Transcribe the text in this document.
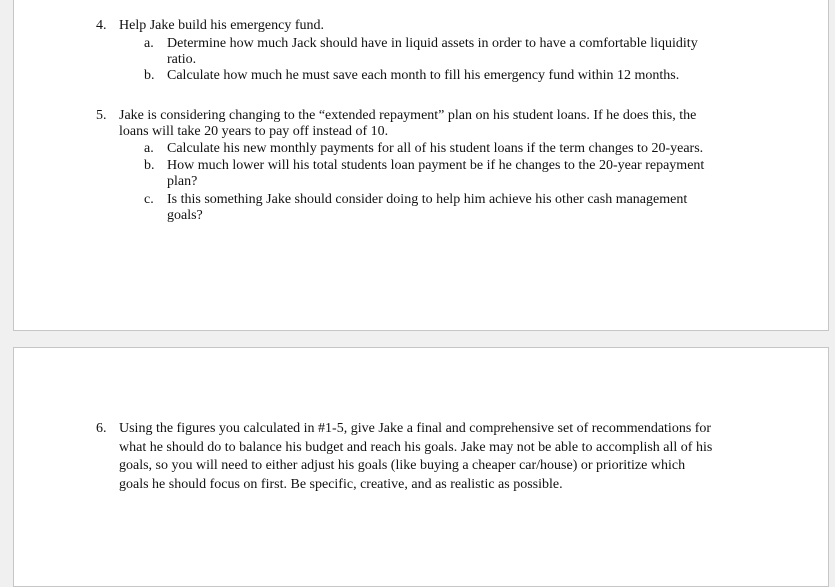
4. Help Jake build his emergency fund.
a. Determine how much Jack should have in liquid assets in order to have a comfortable liquidity
ratio.
b. Calculate how much he must save each month to fill his emergency fund within 12 months.
5. Jake is considering changing to the “extended repayment” plan on his student loans. If he does this, the
loans will take 20 years to pay off instead of 10.
a. Calculate his new monthly payments for all of his student loans if the term changes to 20-years.
b. How much lower will his total students loan payment be if he changes to the 20-year repayment
plan?
c. Is this something Jake should consider doing to help him achieve his other cash management
goals?
6. Using the figures you calculated in #1-5, give Jake a final and comprehensive set of recommendations for
what he should do to balance his budget and reach his goals. Jake may not be able to accomplish all of his
goals, so you will need to either adjust his goals (like buying a cheaper car/house) or prioritize which
goals he should focus on first. Be specific, creative, and as realistic as possible.
